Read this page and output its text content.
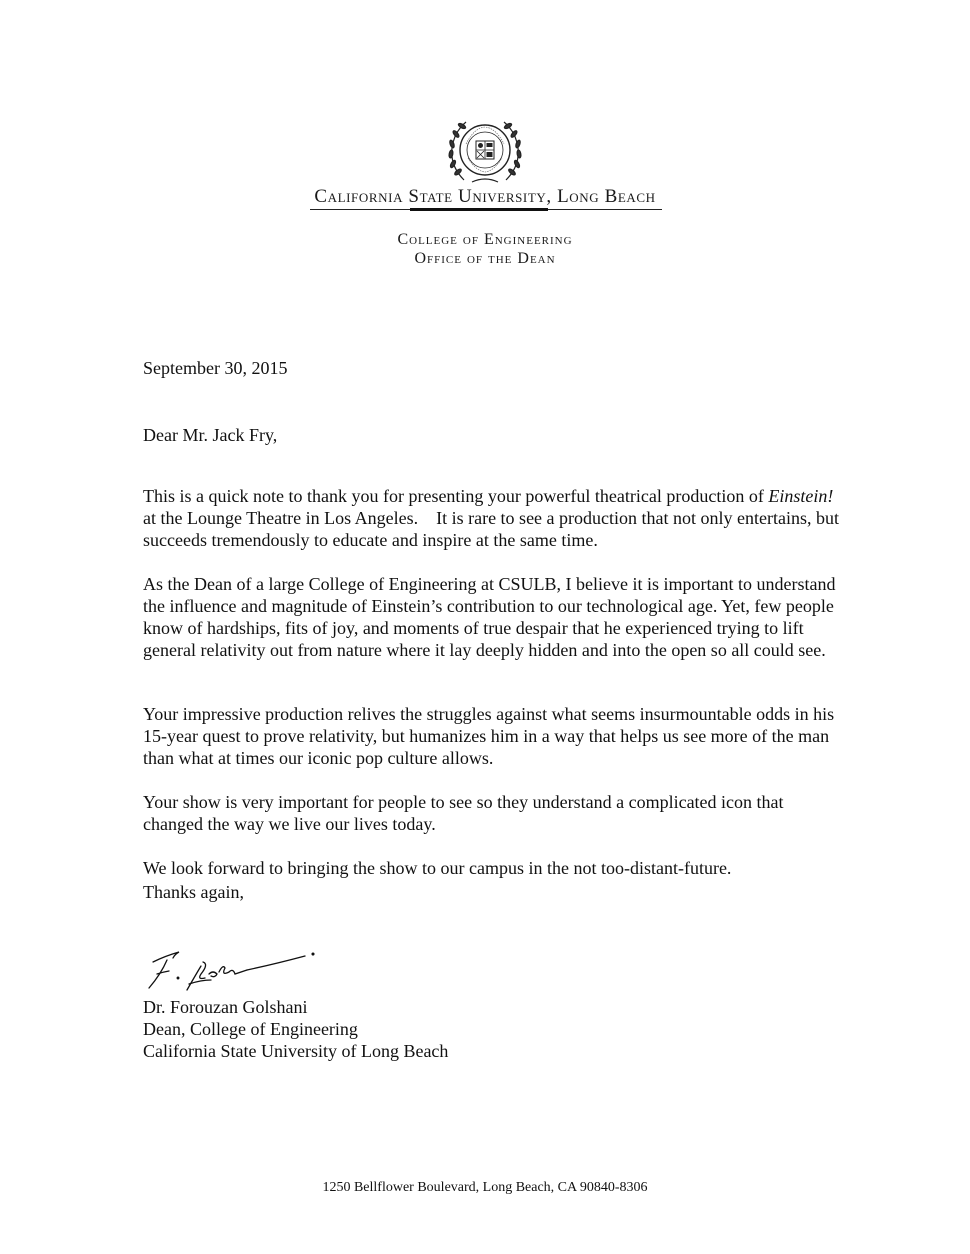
California State University, Long Beach
College of Engineering
Office of the Dean
September 30, 2015
Dear Mr. Jack Fry,

This is a quick note to thank you for presenting your powerful theatrical production of Einstein! at the Lounge Theatre in Los Angeles.    It is rare to see a production that not only entertains, but succeeds tremendously to educate and inspire at the same time.

As the Dean of a large College of Engineering at CSULB, I believe it is important to understand the influence and magnitude of Einstein’s contribution to our technological age. Yet, few people know of hardships, fits of joy, and moments of true despair that he experienced trying to lift general relativity out from nature where it lay deeply hidden and into the open so all could see.

Your impressive production relives the struggles against what seems insurmountable odds in his 15-year quest to prove relativity, but humanizes him in a way that helps us see more of the man than what at times our iconic pop culture allows.

Your show is very important for people to see so they understand a complicated icon that changed the way we live our lives today.

We look forward to bringing the show to our campus in the not too-distant-future.

Thanks again,
Dr. Forouzan Golshani
Dean, College of Engineering
California State University of Long Beach
1250 Bellflower Boulevard, Long Beach, CA 90840-8306
